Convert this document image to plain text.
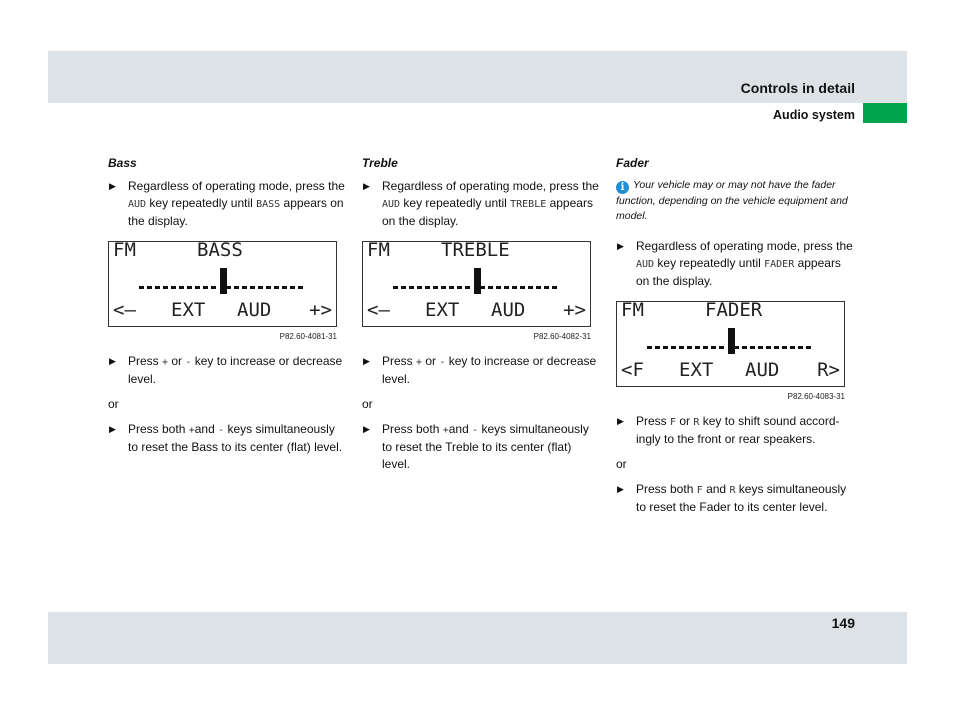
Controls in detail
Audio system

Bass

▶ Regardless of operating mode, press the AUD key repeatedly until BASS appears on the display.

FM	BASS
<– EXT AUD +>
P82.60-4081-31

▶ Press + or - key to increase or decrease level.

or

▶ Press both +and - keys simultaneously to reset the Bass to its center (flat) level.

Treble

▶ Regardless of operating mode, press the AUD key repeatedly until TREBLE appears on the display.

FM	TREBLE
<– EXT AUD +>
P82.60-4082-31

▶ Press + or - key to increase or decrease level.

or

▶ Press both +and - keys simultaneously to reset the Treble to its center (flat) level.

Fader

i Your vehicle may or may not have the fader function, depending on the vehicle equipment and model.

▶ Regardless of operating mode, press the AUD key repeatedly until FADER appears on the display.

FM	FADER
<F EXT AUD R>
P82.60-4083-31

▶ Press F or R key to shift sound accord-ingly to the front or rear speakers.

or

▶ Press both F and R keys simultaneously to reset the Fader to its center level.

149
